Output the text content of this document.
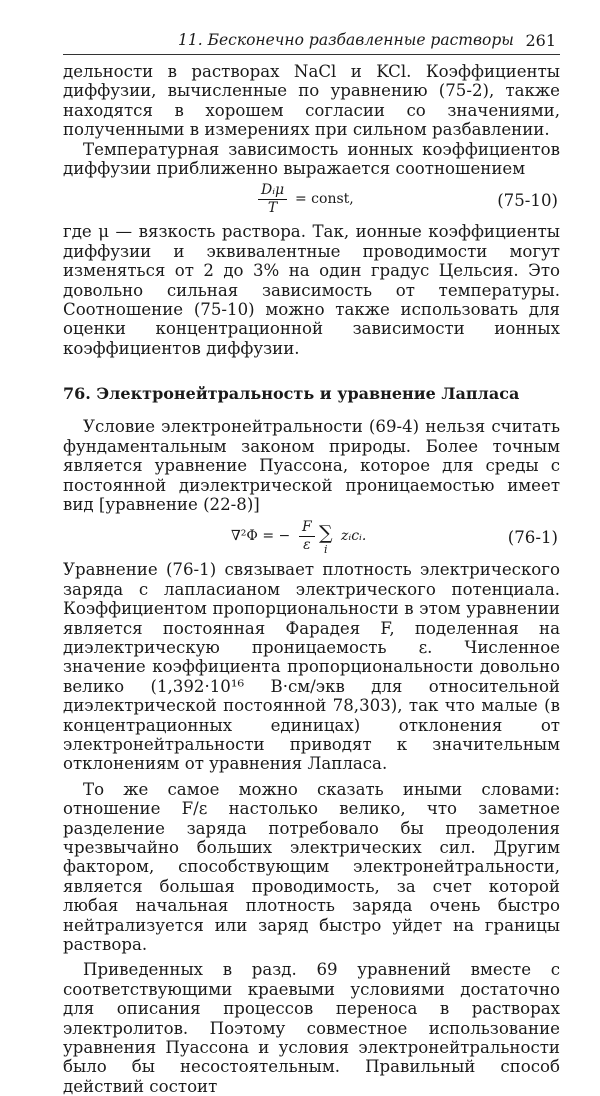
11. Бесконечно разбавленные растворы 261

дельности в растворах NaCl и KCl. Коэффициенты диффузии, вычисленные по уравнению (75-2), также находятся в хорошем согласии со значениями, полученными в измерениях при сильном разбавлении.

Температурная зависимость ионных коэффициентов диффузии приближенно выражается соотношением

Dᵢμ
T
= const,	(75-10)

где μ — вязкость раствора. Так, ионные коэффициенты диффузии и эквивалентные проводимости могут изменяться от 2 до 3% на один градус Цельсия. Это довольно сильная зависимость от температуры. Соотношение (75-10) можно также использовать для оценки концентрационной зависимости ионных коэффициентов диффузии.

76. Электронейтральность и уравнение Лапласа

Условие электронейтральности (69-4) нельзя считать фундаментальным законом природы. Более точным является уравнение Пуассона, которое для среды с постоянной диэлектрической проницаемостью имеет вид [уравнение (22-8)]

∇²Φ = − $\frac{F}{\varepsilon}$ ∑
i
zᵢcᵢ.	(76-1)

Уравнение (76-1) связывает плотность электрического заряда с лапласианом электрического потенциала. Коэффициентом пропорциональности в этом уравнении является постоянная Фарадея F, поделенная на диэлектрическую проницаемость ε. Численное значение коэффициента пропорциональности довольно велико (1,392·10¹⁶ В·см/экв для относительной диэлектрической постоянной 78,303), так что малые (в концентрационных единицах) отклонения от электронейтральности приводят к значительным отклонениям от уравнения Лапласа.

То же самое можно сказать иными словами: отношение F/ε настолько велико, что заметное разделение заряда потребовало бы преодоления чрезвычайно больших электрических сил. Другим фактором, способствующим электронейтральности, является большая проводимость, за счет которой любая начальная плотность заряда очень быстро нейтрализуется или заряд быстро уйдет на границы раствора.

Приведенных в разд. 69 уравнений вместе с соответствующими краевыми условиями достаточно для описания процессов переноса в растворах электролитов. Поэтому совместное использование уравнения Пуассона и условия электронейтральности было бы несостоятельным. Правильный способ действий состоит
